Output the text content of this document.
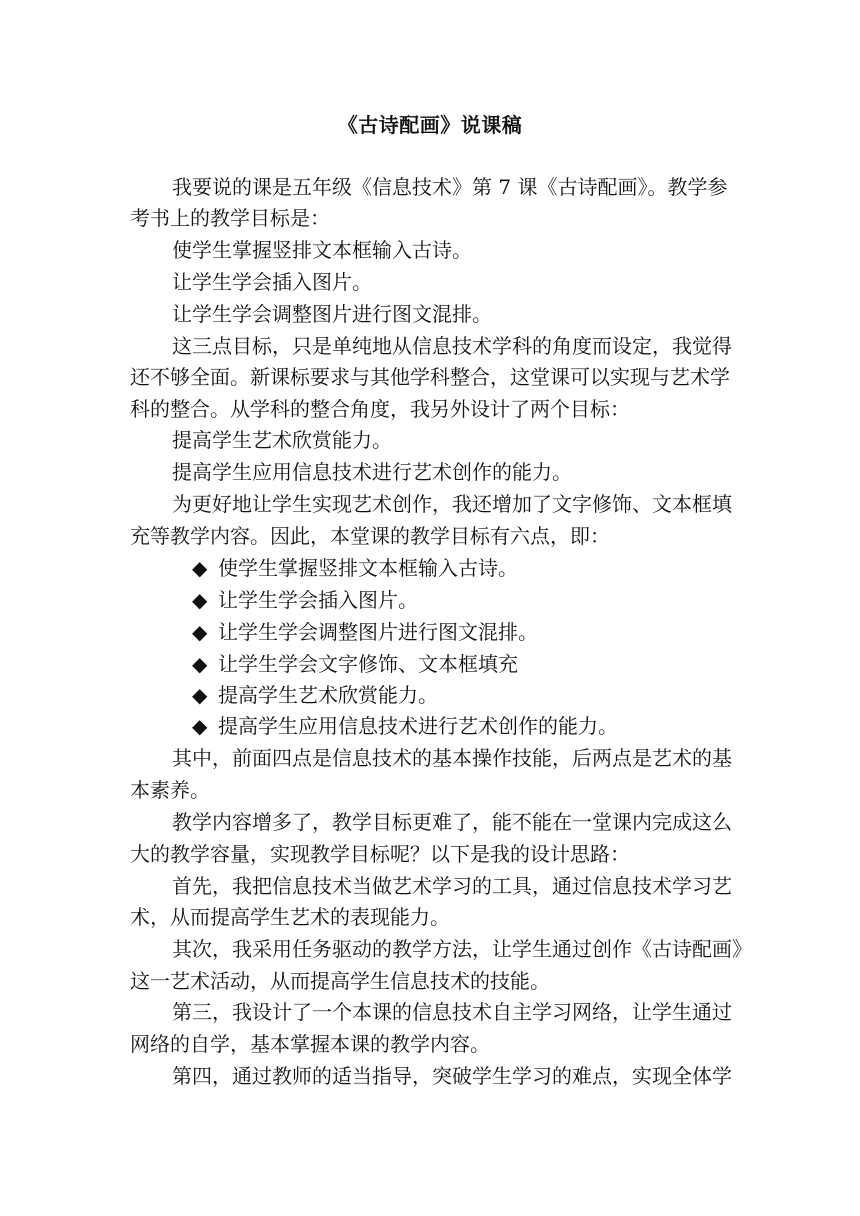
《古诗配画》说课稿
我要说的课是五年级《信息技术》第 7 课《古诗配画》。教学参
考书上的教学目标是：
使学生掌握竖排文本框输入古诗。
让学生学会插入图片。
让学生学会调整图片进行图文混排。
这三点目标，只是单纯地从信息技术学科的角度而设定，我觉得
还不够全面。新课标要求与其他学科整合，这堂课可以实现与艺术学
科的整合。从学科的整合角度，我另外设计了两个目标：
提高学生艺术欣赏能力。
提高学生应用信息技术进行艺术创作的能力。
为更好地让学生实现艺术创作，我还增加了文字修饰、文本框填
充等教学内容。因此，本堂课的教学目标有六点，即：
◆ 使学生掌握竖排文本框输入古诗。
◆ 让学生学会插入图片。
◆ 让学生学会调整图片进行图文混排。
◆ 让学生学会文字修饰、文本框填充
◆ 提高学生艺术欣赏能力。
◆ 提高学生应用信息技术进行艺术创作的能力。
其中，前面四点是信息技术的基本操作技能，后两点是艺术的基
本素养。
教学内容增多了，教学目标更难了，能不能在一堂课内完成这么
大的教学容量，实现教学目标呢？以下是我的设计思路：
首先，我把信息技术当做艺术学习的工具，通过信息技术学习艺
术，从而提高学生艺术的表现能力。
其次，我采用任务驱动的教学方法，让学生通过创作《古诗配画》
这一艺术活动，从而提高学生信息技术的技能。
第三，我设计了一个本课的信息技术自主学习网络，让学生通过
网络的自学，基本掌握本课的教学内容。
第四，通过教师的适当指导，突破学生学习的难点，实现全体学
